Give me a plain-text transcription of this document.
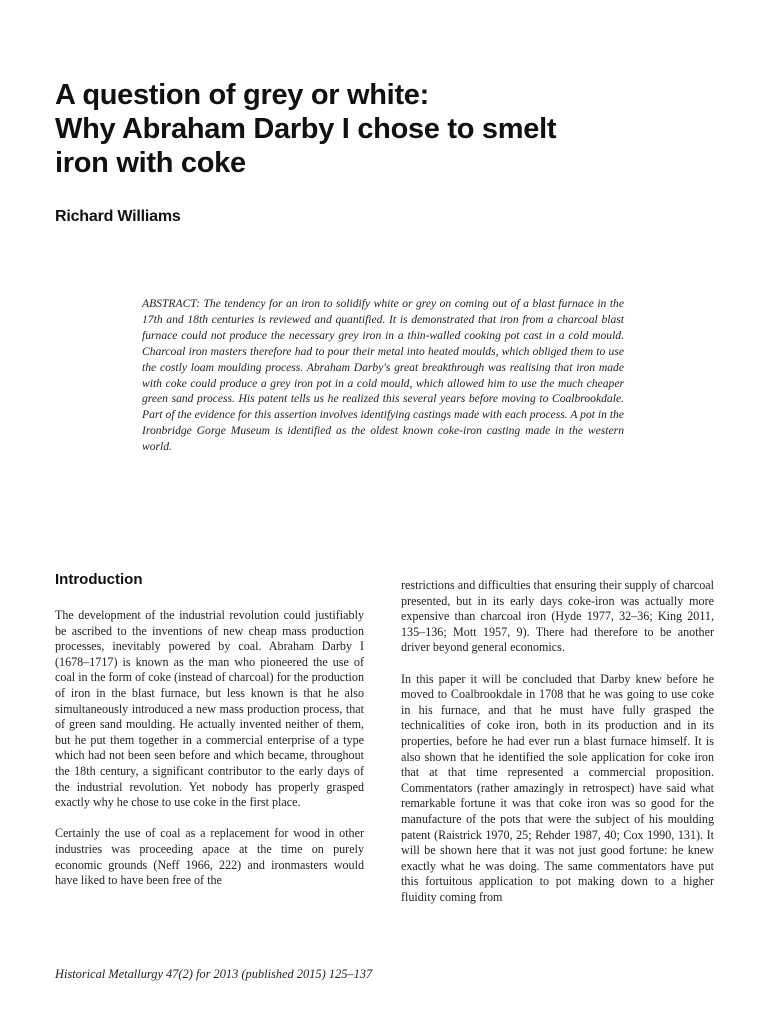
A question of grey or white:
Why Abraham Darby I chose to smelt
iron with coke
Richard Williams
ABSTRACT: The tendency for an iron to solidify white or grey on coming out of a blast furnace in the 17th and 18th centuries is reviewed and quantified. It is demonstrated that iron from a charcoal blast furnace could not produce the necessary grey iron in a thin-walled cooking pot cast in a cold mould. Charcoal iron masters therefore had to pour their metal into heated moulds, which obliged them to use the costly loam moulding process. Abraham Darby's great breakthrough was realising that iron made with coke could produce a grey iron pot in a cold mould, which allowed him to use the much cheaper green sand process. His patent tells us he realized this several years before moving to Coalbrookdale. Part of the evidence for this assertion involves identifying castings made with each process. A pot in the Ironbridge Gorge Museum is identified as the oldest known coke-iron casting made in the western world.
Introduction

The development of the industrial revolution could justifiably be ascribed to the inventions of new cheap mass production processes, inevitably powered by coal. Abraham Darby I (1678–1717) is known as the man who pioneered the use of coal in the form of coke (instead of charcoal) for the production of iron in the blast furnace, but less known is that he also simultaneously introduced a new mass production process, that of green sand moulding. He actually invented neither of them, but he put them together in a commercial enterprise of a type which had not been seen before and which became, throughout the 18th century, a significant contributor to the early days of the industrial revolution. Yet nobody has properly grasped exactly why he chose to use coke in the first place.

Certainly the use of coal as a replacement for wood in other industries was proceeding apace at the time on purely economic grounds (Neff 1966, 222) and ironmasters would have liked to have been free of the

restrictions and difficulties that ensuring their supply of charcoal presented, but in its early days coke-iron was actually more expensive than charcoal iron (Hyde 1977, 32–36; King 2011, 135–136; Mott 1957, 9). There had therefore to be another driver beyond general economics.

In this paper it will be concluded that Darby knew before he moved to Coalbrookdale in 1708 that he was going to use coke in his furnace, and that he must have fully grasped the technicalities of coke iron, both in its production and in its properties, before he had ever run a blast furnace himself. It is also shown that he identified the sole application for coke iron that at that time represented a commercial proposition. Commentators (rather amazingly in retrospect) have said what remarkable fortune it was that coke iron was so good for the manufacture of the pots that were the subject of his moulding patent (Raistrick 1970, 25; Rehder 1987, 40; Cox 1990, 131). It will be shown here that it was not just good fortune: he knew exactly what he was doing. The same commentators have put this fortuitous application to pot making down to a higher fluidity coming from

Historical Metallurgy 47(2) for 2013 (published 2015) 125–137
